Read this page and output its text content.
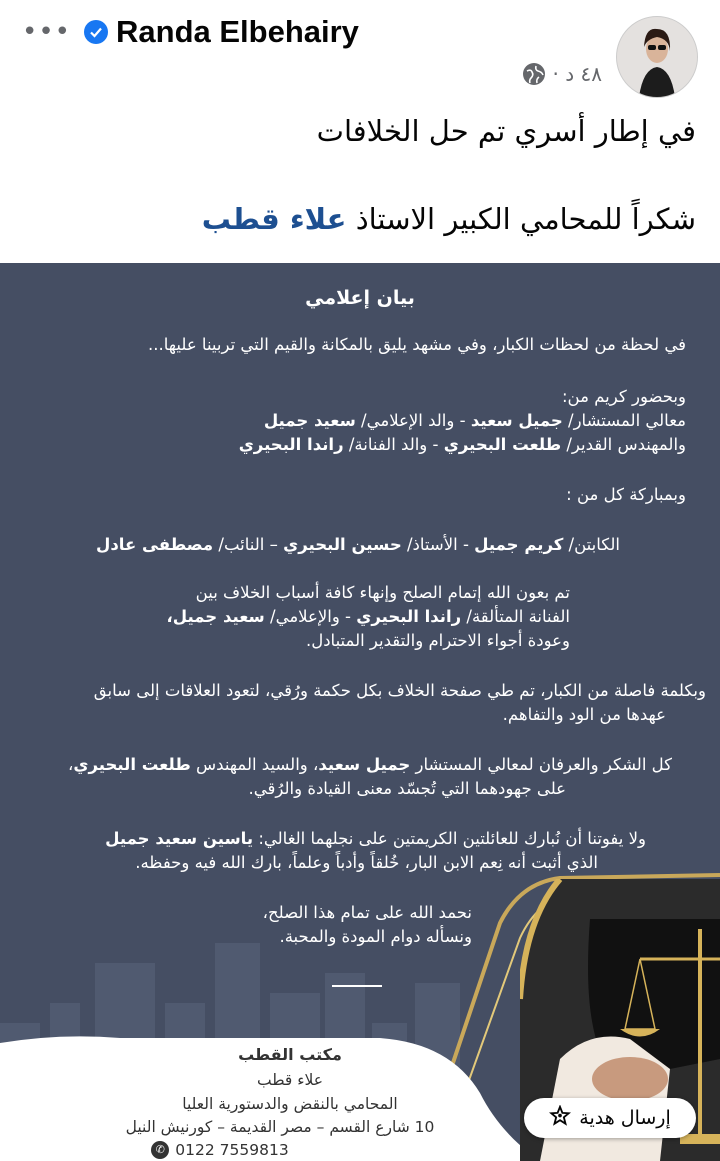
••• Randa Elbehairy
٤٨ د ·
في إطار أسري تم حل الخلافات
شكراً للمحامي الكبير الاستاذ علاء قطب
بيان إعلامي
في لحظة من لحظات الكبار، وفي مشهد يليق بالمكانة والقيم التي تربينا عليها...
وبحضور كريم من:
معالي المستشار/ جميل سعيد - والد الإعلامي/ سعيد جميل
والمهندس القدير/ طلعت البحيري - والد الفنانة/ راندا البحيري
وبمباركة كل من :
الكابتن/ كريم جميل - الأستاذ/ حسين البحيري – النائب/ مصطفى عادل
تم بعون الله إتمام الصلح وإنهاء كافة أسباب الخلاف بين
الفنانة المتألقة/ راندا البحيري - والإعلامي/ سعيد جميل،
وعودة أجواء الاحترام والتقدير المتبادل.
وبكلمة فاصلة من الكبار، تم طي صفحة الخلاف بكل حكمة ورُقي، لتعود العلاقات إلى سابق
عهدها من الود والتفاهم.
كل الشكر والعرفان لمعالي المستشار جميل سعيد، والسيد المهندس طلعت البحيري،
على جهودهما التي تُجسّد معنى القيادة والرُقي.
ولا يفوتنا أن نُبارك للعائلتين الكريمتين على نجلهما الغالي: ياسين سعيد جميل
الذي أثبت أنه نِعم الابن البار، خُلقاً وأدباً وعلماً، بارك الله فيه وحفظه.
نحمد الله على تمام هذا الصلح،
ونسأله دوام المودة والمحبة.
مكتب القطب
علاء قطب
المحامي بالنقض والدستورية العليا
10 شارع القسم – مصر القديمة – كورنيش النيل
✆ 0122 7559813
إرسال هدية
